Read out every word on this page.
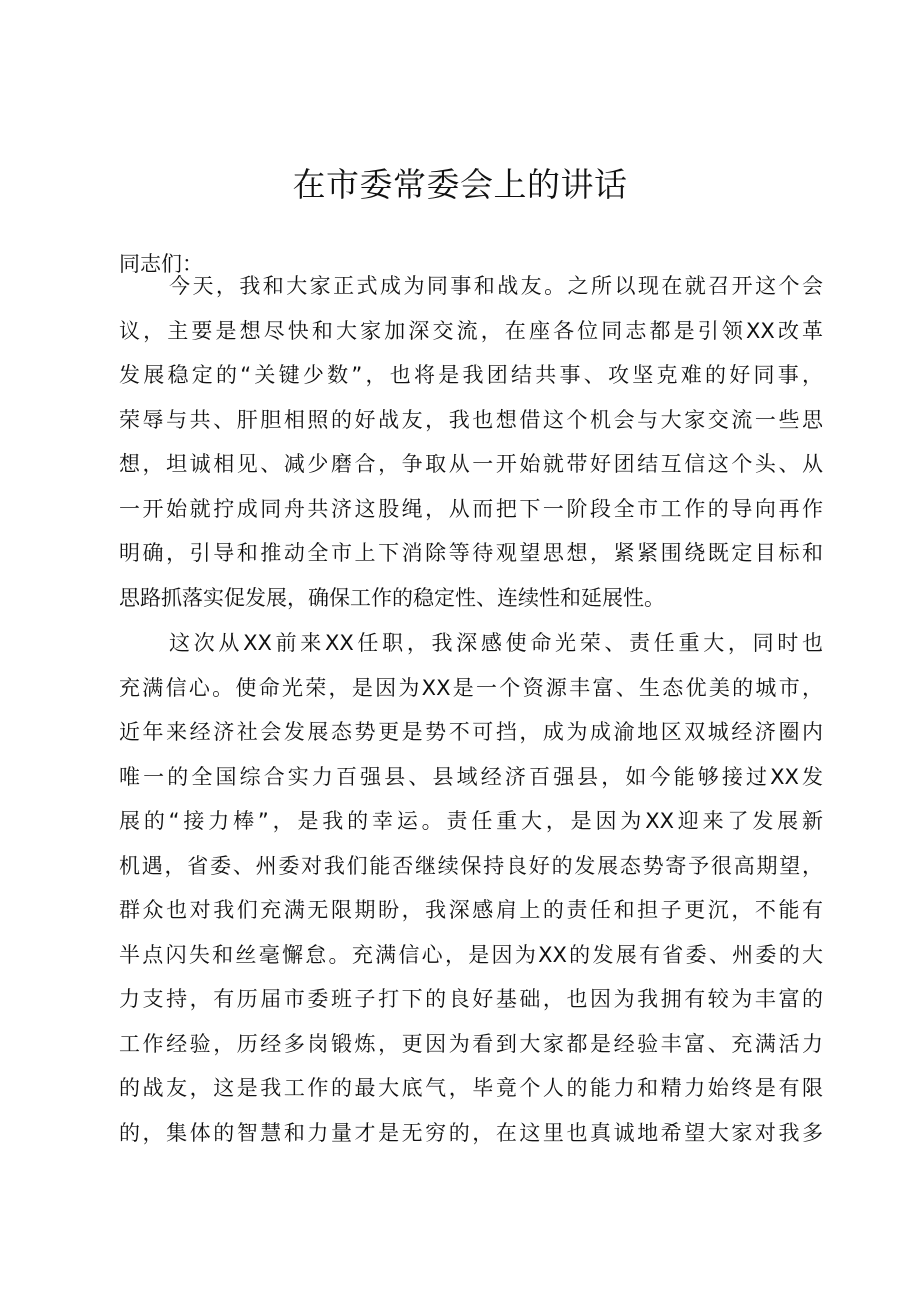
在市委常委会上的讲话

同志们：

今天，我和大家正式成为同事和战友。之所以现在就召开这个会
议，主要是想尽快和大家加深交流，在座各位同志都是引领XX改革
发展稳定的“关键少数”，也将是我团结共事、攻坚克难的好同事，
荣辱与共、肝胆相照的好战友，我也想借这个机会与大家交流一些思
想，坦诚相见、减少磨合，争取从一开始就带好团结互信这个头、从
一开始就拧成同舟共济这股绳，从而把下一阶段全市工作的导向再作
明确，引导和推动全市上下消除等待观望思想，紧紧围绕既定目标和
思路抓落实促发展，确保工作的稳定性、连续性和延展性。
这次从XX前来XX任职，我深感使命光荣、责任重大，同时也
充满信心。使命光荣，是因为XX是一个资源丰富、生态优美的城市，
近年来经济社会发展态势更是势不可挡，成为成渝地区双城经济圈内
唯一的全国综合实力百强县、县域经济百强县，如今能够接过XX发
展的“接力棒”，是我的幸运。责任重大，是因为XX迎来了发展新
机遇，省委、州委对我们能否继续保持良好的发展态势寄予很高期望，
群众也对我们充满无限期盼，我深感肩上的责任和担子更沉，不能有
半点闪失和丝毫懈怠。充满信心，是因为XX的发展有省委、州委的大
力支持，有历届市委班子打下的良好基础，也因为我拥有较为丰富的
工作经验，历经多岗锻炼，更因为看到大家都是经验丰富、充满活力
的战友，这是我工作的最大底气，毕竟个人的能力和精力始终是有限
的，集体的智慧和力量才是无穷的，在这里也真诚地希望大家对我多
